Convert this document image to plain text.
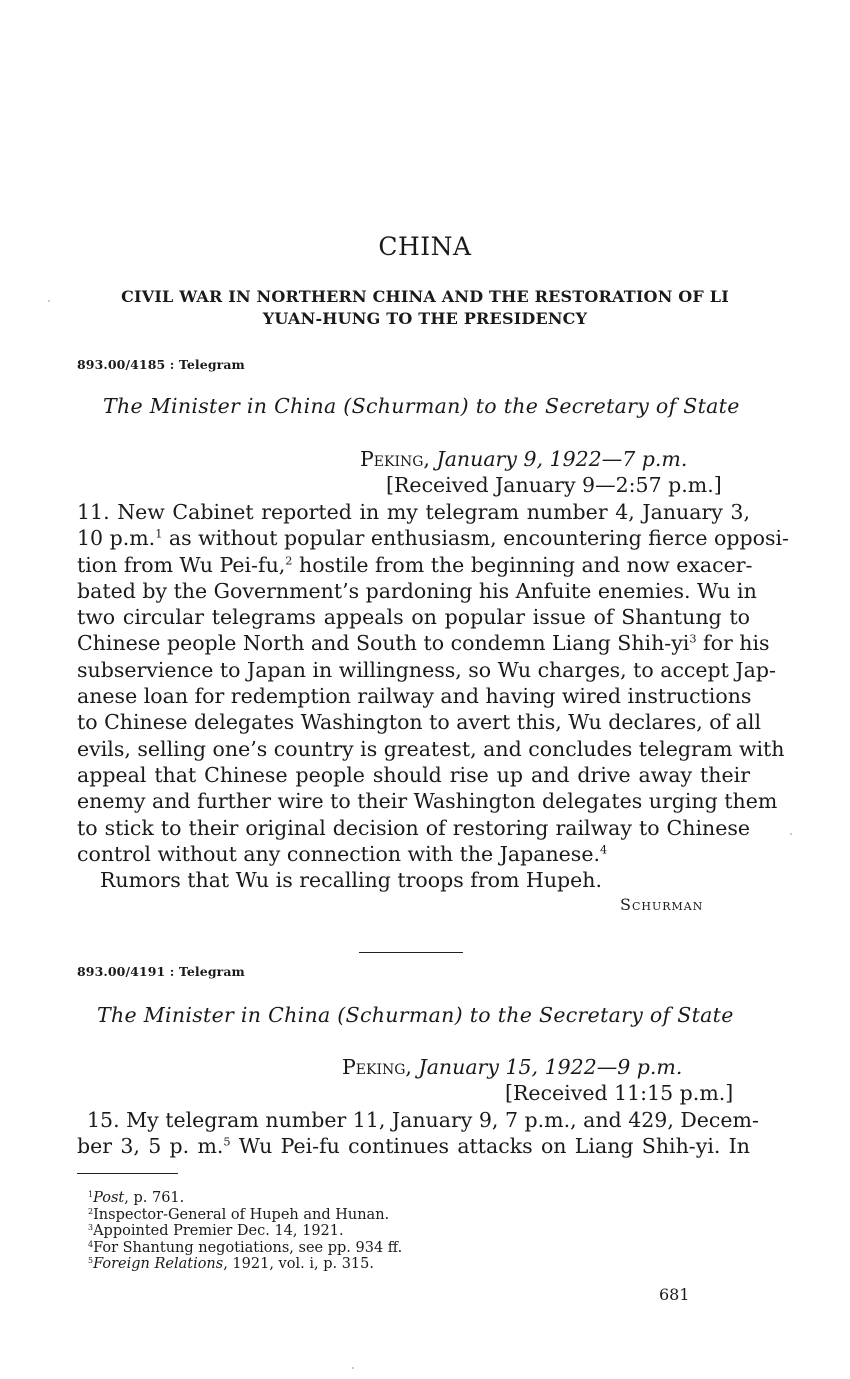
CHINA
CIVIL WAR IN NORTHERN CHINA AND THE RESTORATION OF LI YUAN-HUNG TO THE PRESIDENCY
893.00/4185 : Telegram
The Minister in China (Schurman) to the Secretary of State
Peking, January 9, 1922—7 p.m.
[Received January 9—2:57 p.m.]
11. New Cabinet reported in my telegram number 4, January 3,
10 p.m.$^1$ as without popular enthusiasm, encountering fierce opposi-
tion from Wu Pei-fu,$^2$ hostile from the beginning and now exacer-
bated by the Government’s pardoning his Anfuite enemies. Wu in
two circular telegrams appeals on popular issue of Shantung to
Chinese people North and South to condemn Liang Shih-$yi^3$ for his
subservience to Japan in willingness, so Wu charges, to accept Jap-
anese loan for redemption railway and having wired instructions
to Chinese delegates Washington to avert this, Wu declares, of all
evils, selling one’s country is greatest, and concludes telegram with
appeal that Chinese people should rise up and drive away their
enemy and further wire to their Washington delegates urging them
to stick to their original decision of restoring railway to Chinese
control without any connection with the Japanese.$^4$
Rumors that Wu is recalling troops from Hupeh.
Schurman
893.00/4191 : Telegram
The Minister in China (Schurman) to the Secretary of State
Peking, January 15, 1922—9 p.m.
[Received 11:15 p.m.]
15. My telegram number 11, January 9, 7 p.m., and 429, Decem-
ber 3, 5 p. m.$^5$ Wu Pei-fu continues attacks on Liang Shih-yi. In
$^1$Post, p. 761.
$^2$Inspector-General of Hupeh and Hunan.
$^3$Appointed Premier Dec. 14, 1921.
$^4$For Shantung negotiations, see pp. 934 ff.
$^5$Foreign Relations, 1921, vol. i, p. 315.
681
